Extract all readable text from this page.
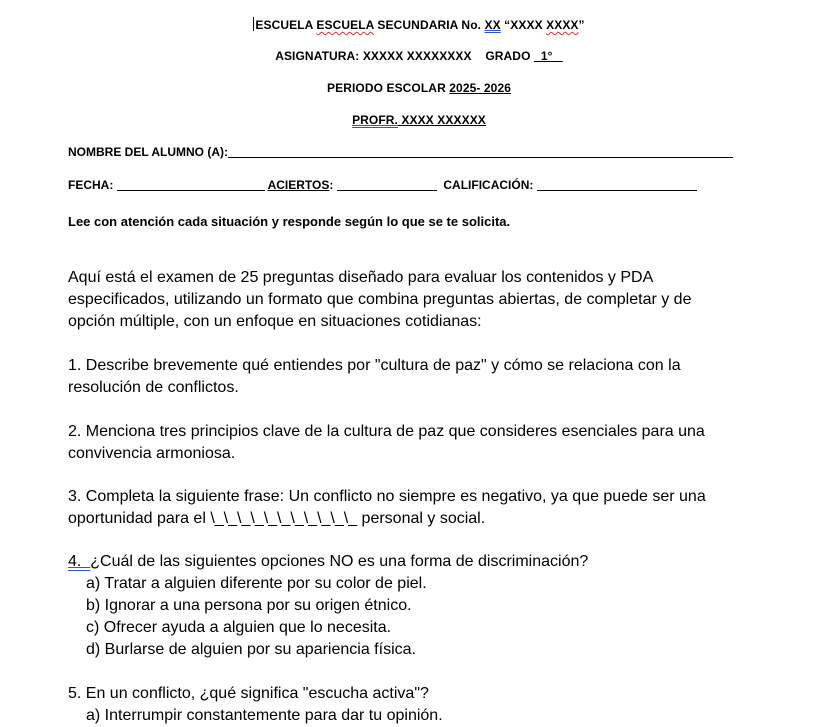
ESCUELA ESCUELA SECUNDARIA No. XX “XXXX XXXX”
ASIGNATURA: XXXXX XXXXXXXX    GRADO   1°
PERIODO ESCOLAR 2025- 2026
PROFR. XXXX XXXXXX
NOMBRE DEL ALUMNO (A):
FECHA:	ACIERTOS:	CALIFICACIÓN:
Lee con atención cada situación y responde según lo que se te solicita.
Aquí está el examen de 25 preguntas diseñado para evaluar los contenidos y PDA
especificados, utilizando un formato que combina preguntas abiertas, de completar y de
opción múltiple, con un enfoque en situaciones cotidianas:
1. Describe brevemente qué entiendes por "cultura de paz" y cómo se relaciona con la
resolución de conflictos.
2. Menciona tres principios clave de la cultura de paz que consideres esenciales para una
convivencia armoniosa.
3. Completa la siguiente frase: Un conflicto no siempre es negativo, ya que puede ser una
oportunidad para el \_\_\_\_\_\_\_\_\_\_\_ personal y social.
4. ¿Cuál de las siguientes opciones NO es una forma de discriminación?
a) Tratar a alguien diferente por su color de piel.
b) Ignorar a una persona por su origen étnico.
c) Ofrecer ayuda a alguien que lo necesita.
d) Burlarse de alguien por su apariencia física.
5. En un conflicto, ¿qué significa "escucha activa"?
a) Interrumpir constantemente para dar tu opinión.
